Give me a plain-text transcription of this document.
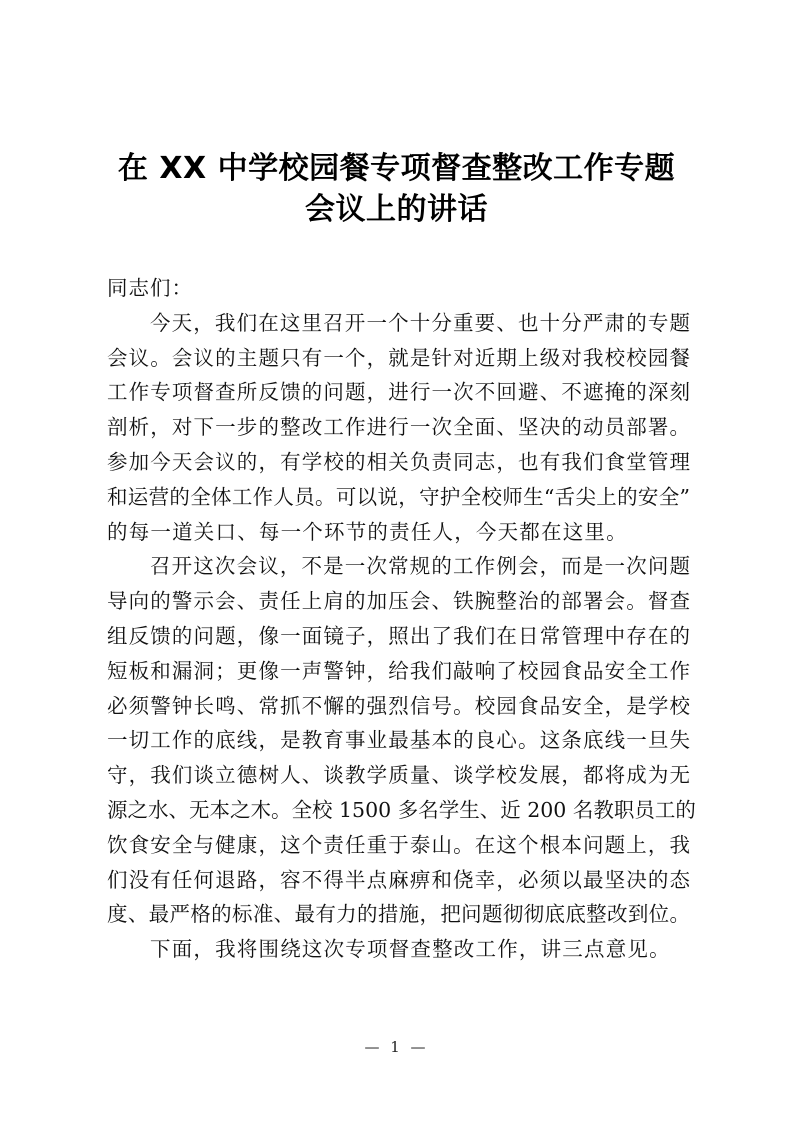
在 XX 中学校园餐专项督查整改工作专题
会议上的讲话

同志们：

今天，我们在这里召开一个十分重要、也十分严肃的专题
会议。会议的主题只有一个，就是针对近期上级对我校校园餐
工作专项督查所反馈的问题，进行一次不回避、不遮掩的深刻
剖析，对下一步的整改工作进行一次全面、坚决的动员部署。
参加今天会议的，有学校的相关负责同志，也有我们食堂管理
和运营的全体工作人员。可以说，守护全校师生“舌尖上的安全”
的每一道关口、每一个环节的责任人，今天都在这里。

召开这次会议，不是一次常规的工作例会，而是一次问题
导向的警示会、责任上肩的加压会、铁腕整治的部署会。督查
组反馈的问题，像一面镜子，照出了我们在日常管理中存在的
短板和漏洞；更像一声警钟，给我们敲响了校园食品安全工作
必须警钟长鸣、常抓不懈的强烈信号。校园食品安全，是学校
一切工作的底线，是教育事业最基本的良心。这条底线一旦失
守，我们谈立德树人、谈教学质量、谈学校发展，都将成为无
源之水、无本之木。全校 1500 多名学生、近 200 名教职员工的
饮食安全与健康，这个责任重于泰山。在这个根本问题上，我
们没有任何退路，容不得半点麻痹和侥幸，必须以最坚决的态
度、最严格的标准、最有力的措施，把问题彻彻底底整改到位。

下面，我将围绕这次专项督查整改工作，讲三点意见。

— 1 —
